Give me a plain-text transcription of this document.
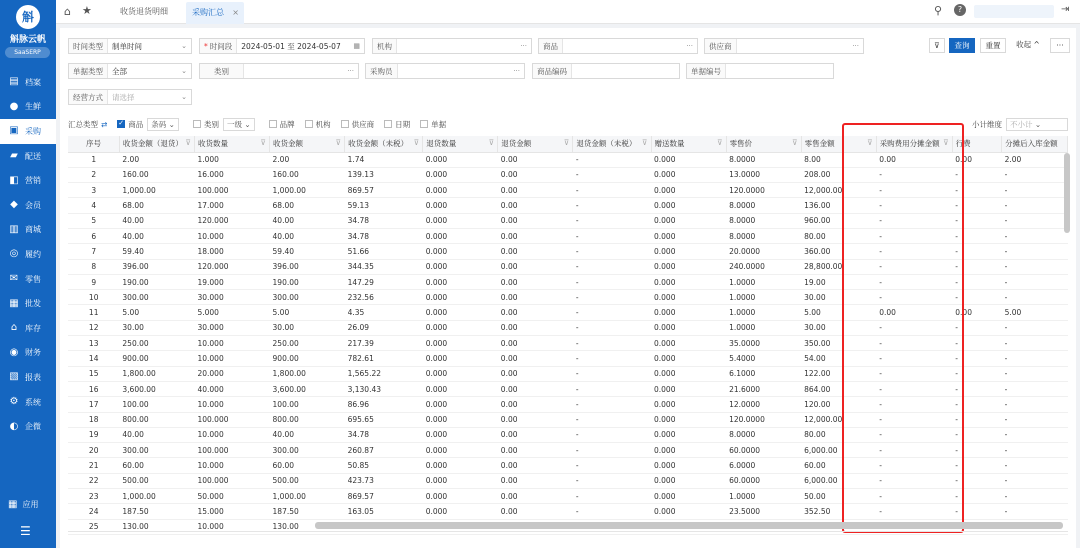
斛
斛脉云帆
SaaSERP
▤ 档案
● 生鲜
▣ 采购
▰ 配送
◧ 营销
◆ 会员
▥ 商城
◎ 履约
✉ 零售
▦ 批发
⌂ 库存
◉ 财务
▧ 报表
⚙ 系统
◐ 企微
▦ 应用
☰
⌂ ★	收货退货明细	采购汇总 ×	⚲	?	⇥
时间类型	制单时间	⌄	* 时间段	2024-05-01 至 2024-05-07	▦	机构	···	商品	···	供应商	···	⊽	查询	重置	收起 ^	···
单据类型	全部	⌄	类别	···	采购员	···	商品编码	单据编号
经营方式	请选择	⌄
汇总类型 ⇄ ✓	商品	条码 ⌄	类别	一级 ⌄	品牌	机构	供应商	日期	单据	小计维度	不小计 ⌄
序号	收货金额（退货） ⊽	收货数量 ⊽	收货金额 ⊽	收货金额（未税） ⊽	退货数量 ⊽	退货金额 ⊽	退货金额（未税） ⊽	赠送数量 ⊽	零售价 ⊽	零售金额 ⊽	采购费用分摊金额 ⊽	行费	分摊后入库金额
1	2.00	1.000	2.00	1.74	0.000	0.00	-	0.000	8.0000	8.00	0.00	0.00	2.00
2	160.00	16.000	160.00	139.13	0.000	0.00	-	0.000	13.0000	208.00	-	-	-
3	1,000.00	100.000	1,000.00	869.57	0.000	0.00	-	0.000	120.0000	12,000.00	-	-	-
4	68.00	17.000	68.00	59.13	0.000	0.00	-	0.000	8.0000	136.00	-	-	-
5	40.00	120.000	40.00	34.78	0.000	0.00	-	0.000	8.0000	960.00	-	-	-
6	40.00	10.000	40.00	34.78	0.000	0.00	-	0.000	8.0000	80.00	-	-	-
7	59.40	18.000	59.40	51.66	0.000	0.00	-	0.000	20.0000	360.00	-	-	-
8	396.00	120.000	396.00	344.35	0.000	0.00	-	0.000	240.0000	28,800.00	-	-	-
9	190.00	19.000	190.00	147.29	0.000	0.00	-	0.000	1.0000	19.00	-	-	-
10	300.00	30.000	300.00	232.56	0.000	0.00	-	0.000	1.0000	30.00	-	-	-
11	5.00	5.000	5.00	4.35	0.000	0.00	-	0.000	1.0000	5.00	0.00	0.00	5.00
12	30.00	30.000	30.00	26.09	0.000	0.00	-	0.000	1.0000	30.00	-	-	-
13	250.00	10.000	250.00	217.39	0.000	0.00	-	0.000	35.0000	350.00	-	-	-
14	900.00	10.000	900.00	782.61	0.000	0.00	-	0.000	5.4000	54.00	-	-	-
15	1,800.00	20.000	1,800.00	1,565.22	0.000	0.00	-	0.000	6.1000	122.00	-	-	-
16	3,600.00	40.000	3,600.00	3,130.43	0.000	0.00	-	0.000	21.6000	864.00	-	-	-
17	100.00	10.000	100.00	86.96	0.000	0.00	-	0.000	12.0000	120.00	-	-	-
18	800.00	100.000	800.00	695.65	0.000	0.00	-	0.000	120.0000	12,000.00	-	-	-
19	40.00	10.000	40.00	34.78	0.000	0.00	-	0.000	8.0000	80.00	-	-	-
20	300.00	100.000	300.00	260.87	0.000	0.00	-	0.000	60.0000	6,000.00	-	-	-
21	60.00	10.000	60.00	50.85	0.000	0.00	-	0.000	6.0000	60.00	-	-	-
22	500.00	100.000	500.00	423.73	0.000	0.00	-	0.000	60.0000	6,000.00	-	-	-
23	1,000.00	50.000	1,000.00	869.57	0.000	0.00	-	0.000	1.0000	50.00	-	-	-
24	187.50	15.000	187.50	163.05	0.000	0.00	-	0.000	23.5000	352.50	-	-	-
25	130.00	10.000	130.00										
